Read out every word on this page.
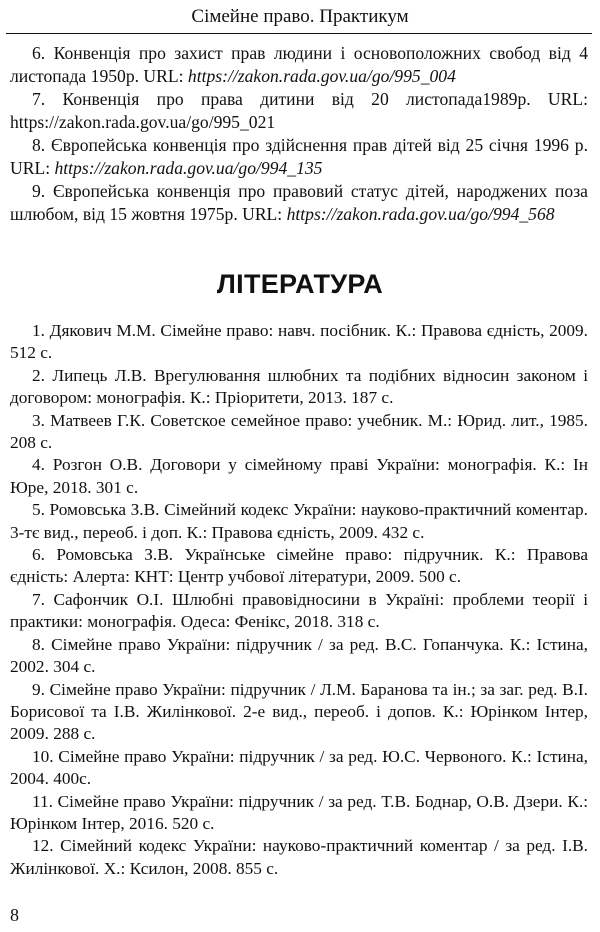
Сімейне право. Практикум

6. Конвенція про захист прав людини і основоположних свобод від 4 листопада 1950р. URL: https://zakon.rada.gov.ua/go/995_004

7. Конвенція про права дитини від 20 листопада1989р. URL: https://zakon.rada.gov.ua/go/995_021

8. Європейська конвенція про здійснення прав дітей від 25 січня 1996 р. URL: https://zakon.rada.gov.ua/go/994_135

9. Європейська конвенція про правовий статус дітей, народжених поза шлюбом, від 15 жовтня 1975р. URL: https://zakon.rada.gov.ua/go/994_568

ЛІТЕРАТУРА

1. Дякович М.М. Сімейне право: навч. посібник. К.: Правова єдність, 2009. 512 с.

2. Липець Л.В. Врегулювання шлюбних та подібних відносин законом і договором: монографія. К.: Пріоритети, 2013. 187 с.

3. Матвеев Г.К. Советское семейное право: учебник. М.: Юрид. лит., 1985. 208 с.

4. Розгон О.В. Договори у сімейному праві України: монографія. К.: Ін Юре, 2018. 301 с.

5. Ромовська З.В. Сімейний кодекс України: науково-практичний коментар. 3-тє вид., переоб. і доп. К.: Правова єдність, 2009. 432 с.

6. Ромовська З.В. Українське сімейне право: підручник. К.: Правова єдність: Алерта: КНТ: Центр учбової літератури, 2009. 500 с.

7. Сафончик О.І. Шлюбні правовідносини в Україні: проблеми теорії і практики: монографія. Одеса: Фенікс, 2018. 318 с.

8. Сімейне право України: підручник / за ред. В.С. Гопанчука. К.: Істина, 2002. 304 с.

9. Сімейне право України: підручник / Л.М. Баранова та ін.; за заг. ред. В.І. Борисової та І.В. Жилінкової. 2-е вид., переоб. і допов. К.: Юрінком Інтер, 2009. 288 с.

10. Сімейне право України: підручник / за ред. Ю.С. Червоного. К.: Істина, 2004. 400с.

11. Сімейне право України: підручник / за ред. Т.В. Боднар, О.В. Дзери. К.: Юрінком Інтер, 2016. 520 с.

12. Сімейний кодекс України: науково-практичний коментар / за ред. І.В. Жилінкової. Х.: Ксилон, 2008. 855 с.

8
